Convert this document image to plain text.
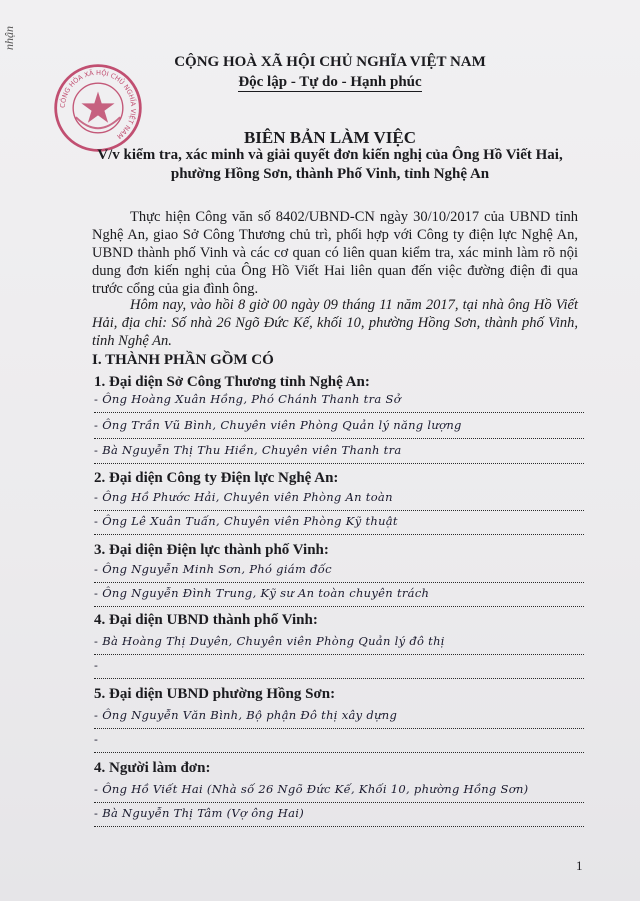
nhận
CÔNG HÒA XÃ HỘI CHỦ NGHĨA VIỆT NAM
CỘNG HOÀ XÃ HỘI CHỦ NGHĨA VIỆT NAM
Độc lập - Tự do - Hạnh phúc
BIÊN BẢN LÀM VIỆC
V/v kiểm tra, xác minh và giải quyết đơn kiến nghị của Ông Hồ Viết Hai,
phường Hồng Sơn, thành Phố Vinh, tỉnh Nghệ An
Thực hiện Công văn số 8402/UBND-CN ngày 30/10/2017 của UBND tỉnh Nghệ An, giao Sở Công Thương chủ trì, phối hợp với Công ty điện lực Nghệ An, UBND thành phố Vinh và các cơ quan có liên quan kiểm tra, xác minh làm rõ nội dung đơn kiến nghị của Ông Hồ Viết Hai liên quan đến việc đường điện đi qua trước cổng của gia đình ông.
Hôm nay, vào hồi 8 giờ 00 ngày 09 tháng 11 năm 2017, tại nhà ông Hồ Viết Hải, địa chỉ: Số nhà 26 Ngõ Đức Kế, khối 10, phường Hồng Sơn, thành phố Vinh, tỉnh Nghệ An.
I. THÀNH PHẦN GỒM CÓ
1. Đại diện Sở Công Thương tỉnh Nghệ An:
- Ông Hoàng Xuân Hồng, Phó Chánh Thanh tra Sở
- Ông Trần Vũ Bình, Chuyên viên Phòng Quản lý năng lượng
- Bà Nguyễn Thị Thu Hiền, Chuyên viên Thanh tra
2. Đại diện Công ty Điện lực Nghệ An:
- Ông Hồ Phước Hải, Chuyên viên Phòng An toàn
- Ông Lê Xuân Tuấn, Chuyên viên Phòng Kỹ thuật
3. Đại diện Điện lực thành phố Vinh:
- Ông Nguyễn Minh Sơn, Phó giám đốc
- Ông Nguyễn Đình Trung, Kỹ sư An toàn chuyên trách
4. Đại diện UBND thành phố Vinh:
- Bà Hoàng Thị Duyên, Chuyên viên Phòng Quản lý đô thị
-
5. Đại diện UBND phường Hồng Sơn:
- Ông Nguyễn Văn Bình, Bộ phận Đô thị xây dựng
-
4. Người làm đơn:
- Ông Hồ Viết Hai (Nhà số 26 Ngõ Đức Kế, Khối 10, phường Hồng Sơn)
- Bà Nguyễn Thị Tâm (Vợ ông Hai)
1
